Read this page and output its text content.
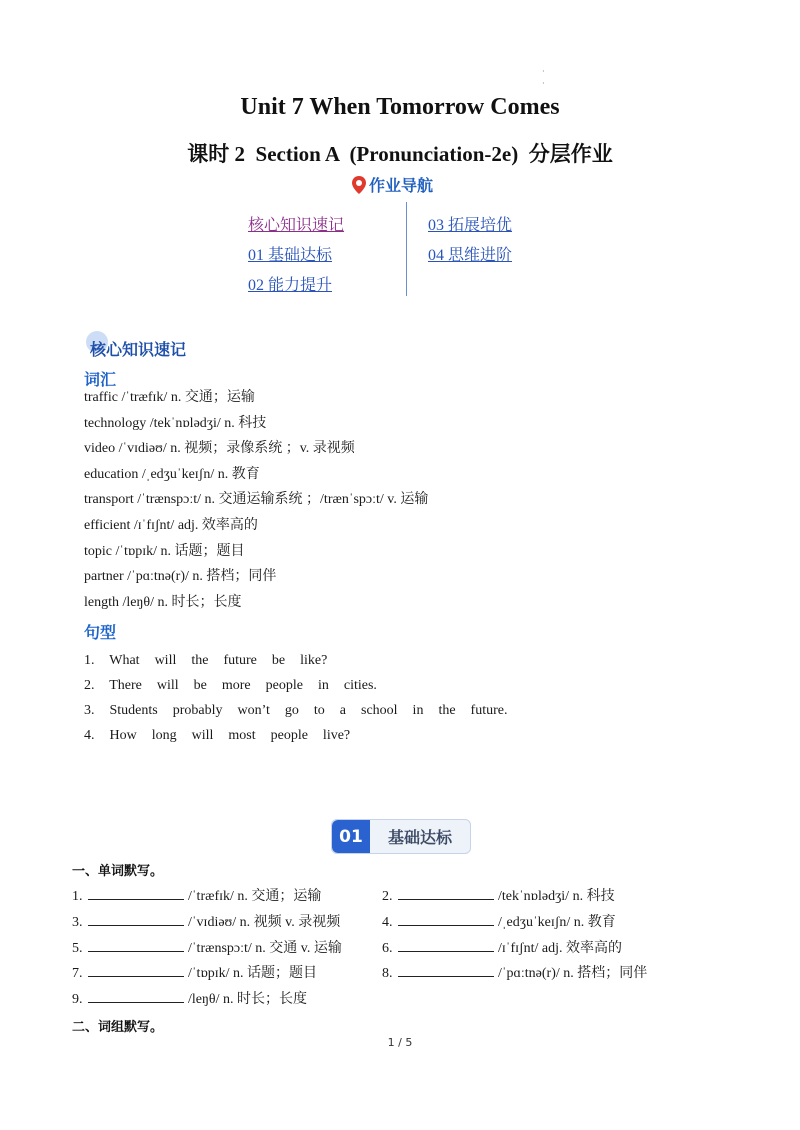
·
·
Unit 7 When Tomorrow Comes
课时 2  Section A  (Pronunciation-2e)  分层作业
作业导航
核心知识速记
01 基础达标
02 能力提升
03 拓展培优
04 思维进阶
核心知识速记
词汇
traffic /ˈtræfɪk/ n. 交通；运输
technology /tekˈnɒlədʒi/ n. 科技
video /ˈvɪdiəʊ/ n. 视频；录像系统 ；v. 录视频
education /ˌedʒuˈkeɪʃn/ n. 教育
transport /ˈtrænspɔːt/ n. 交通运输系统 ；/trænˈspɔːt/ v. 运输
efficient /ɪˈfɪʃnt/ adj. 效率高的
topic /ˈtɒpɪk/ n. 话题；题目
partner /ˈpɑːtnə(r)/ n. 搭档；同伴
length /leŋθ/ n. 时长；长度
句型
1.  What  will  the  future  be  like?
2.  There  will  be  more  people  in  cities.
3.  Students  probably  won’t  go  to  a  school  in  the  future.
4.  How  long  will  most  people  live?
01	基础达标
一、单词默写。
1.	/ˈtræfɪk/ n. 交通；运输	2.	/tekˈnɒlədʒi/ n. 科技
3.	/ˈvɪdiəʊ/ n. 视频 v. 录视频	4.	/ˌedʒuˈkeɪʃn/ n. 教育
5.	/ˈtrænspɔːt/ n. 交通 v. 运输	6.	/ɪˈfɪʃnt/ adj. 效率高的
7.	/ˈtɒpɪk/ n. 话题；题目	8.	/ˈpɑːtnə(r)/ n. 搭档；同伴
9.	/leŋθ/ n. 时长；长度
二、词组默写。
1 / 5
